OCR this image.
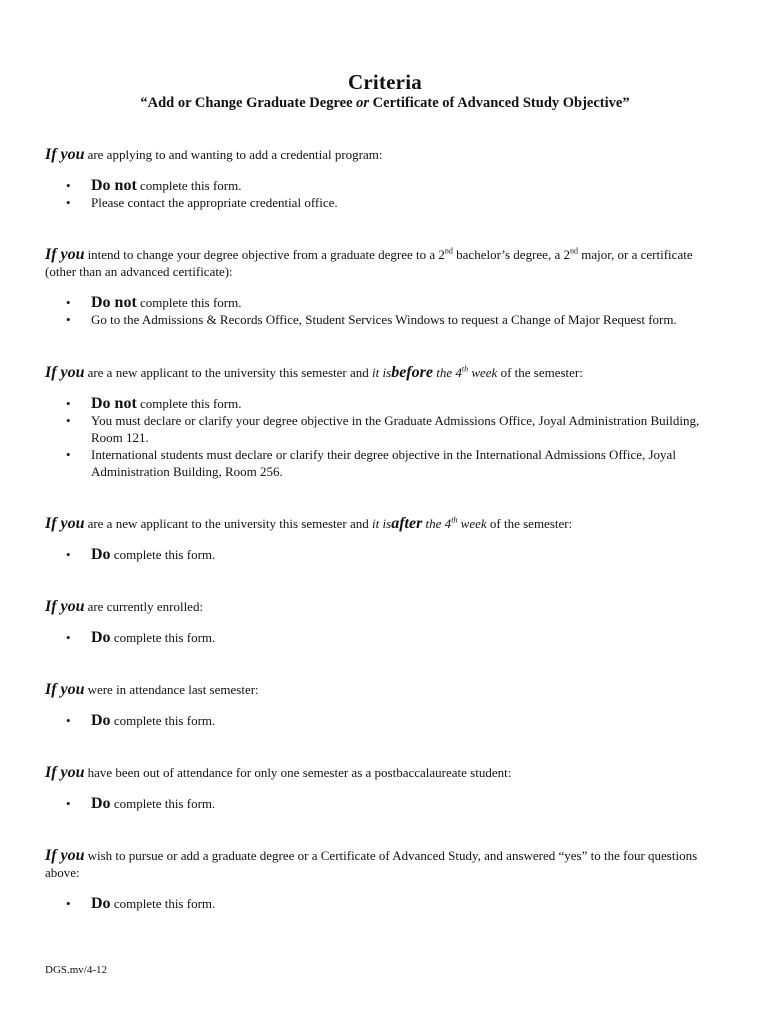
Criteria
“Add or Change Graduate Degree or Certificate of Advanced Study Objective”

If you are applying to and wanting to add a credential program:

• Do not complete this form.
• Please contact the appropriate credential office.

If you intend to change your degree objective from a graduate degree to a 2nd bachelor’s degree, a 2nd major, or a certificate (other than an advanced certificate):

• Do not complete this form.
• Go to the Admissions & Records Office, Student Services Windows to request a Change of Major Request form.

If you are a new applicant to the university this semester and it isbefore the 4th week of the semester:

• Do not complete this form.
• You must declare or clarify your degree objective in the Graduate Admissions Office, Joyal Administration Building, Room 121.
• International students must declare or clarify their degree objective in the International Admissions Office, Joyal Administration Building, Room 256.

If you are a new applicant to the university this semester and it isafter the 4th week of the semester:

• Do complete this form.

If you are currently enrolled:

• Do complete this form.

If you were in attendance last semester:

• Do complete this form.

If you have been out of attendance for only one semester as a postbaccalaureate student:

• Do complete this form.

If you wish to pursue or add a graduate degree or a Certificate of Advanced Study, and answered “yes” to the four questions above:

• Do complete this form.
DGS.mv/4-12
